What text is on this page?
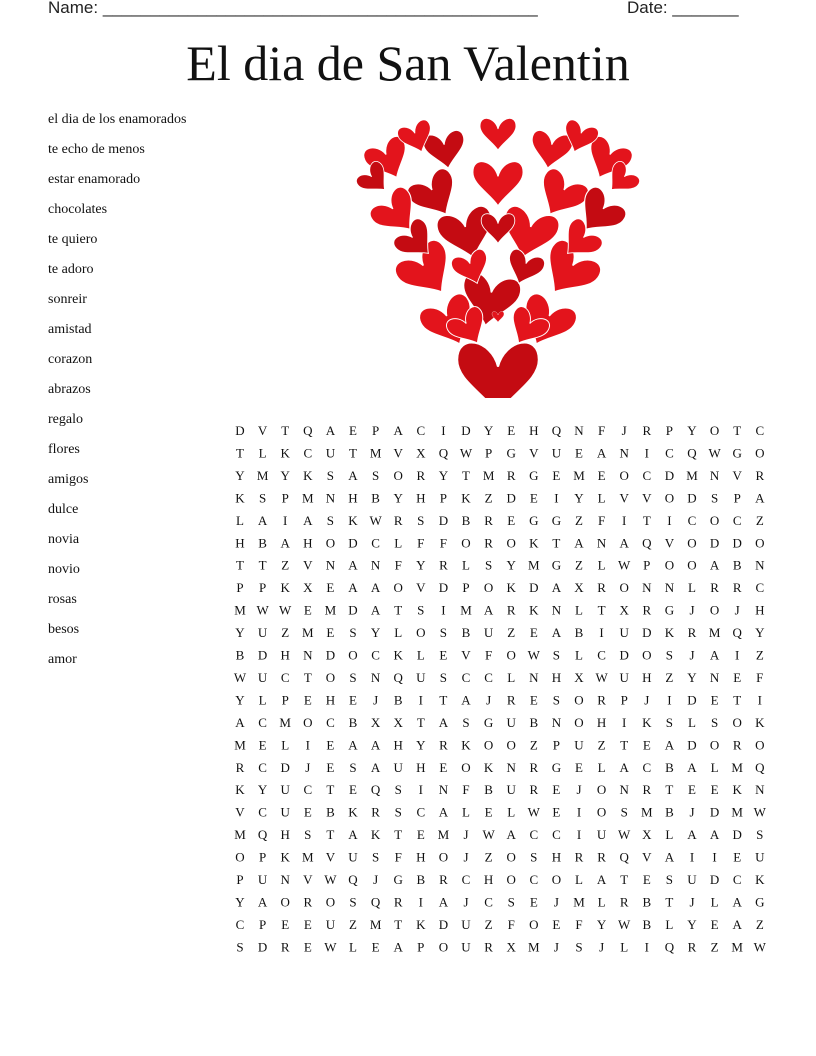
Name: ______________________________________________	Date: _______
El dia de San Valentin
el dia de los enamorados
te echo de menos
estar enamorado
chocolates
te quiero
te adoro
sonreir
amistad
corazon
abrazos
regalo
flores
amigos
dulce
novia
novio
rosas
besos
amor
D V T Q A E P A C I D Y E H Q N F J R P Y O T C
T L K C U T M V X Q W P G V U E A N I C Q W G O
Y M Y K S A S O R Y T M R G E M E O C D M N V R
K S P M N H B Y H P K Z D E I Y L V V O D S P A
L A I A S K W R S D B R E G G Z F I T I C O C Z
H B A H O D C L F F O R O K T A N A Q V O D D O
T T Z V N A N F Y R L S Y M G Z L W P O O A B N
P P K X E A A O V D P O K D A X R O N N L R R C
M W W E M D A T S I M A R K N L T X R G J O J H
Y U Z M E S Y L O S B U Z E A B I U D K R M Q Y
B D H N D O C K L E V F O W S L C D O S J A I Z
W U C T O S N Q U S C C L N H X W U H Z Y N E F
Y L P E H E J B I T A J R E S O R P J I D E T I
A C M O C B X X T A S G U B N O H I K S L S O K
M E L I E A A H Y R K O O Z P U Z T E A D O R O
R C D J E S A U H E O K N R G E L A C B A L M Q
K Y U C T E Q S I N F B U R E J O N R T E E K N
V C U E B K R S C A L E L W E I O S M B J D M W
M Q H S T A K T E M J W A C C I U W X L A A D S
O P K M V U S F H O J Z O S H R R Q V A I I E U
P U N V W Q J G B R C H O C O L A T E S U D C K
Y A O R O S Q R I A J C S E J M L R B T J L A G
C P E E U Z M T K D U Z F O E F Y W B L Y E A Z
S D R E W L E A P O U R X M J S J L I Q R Z M W
